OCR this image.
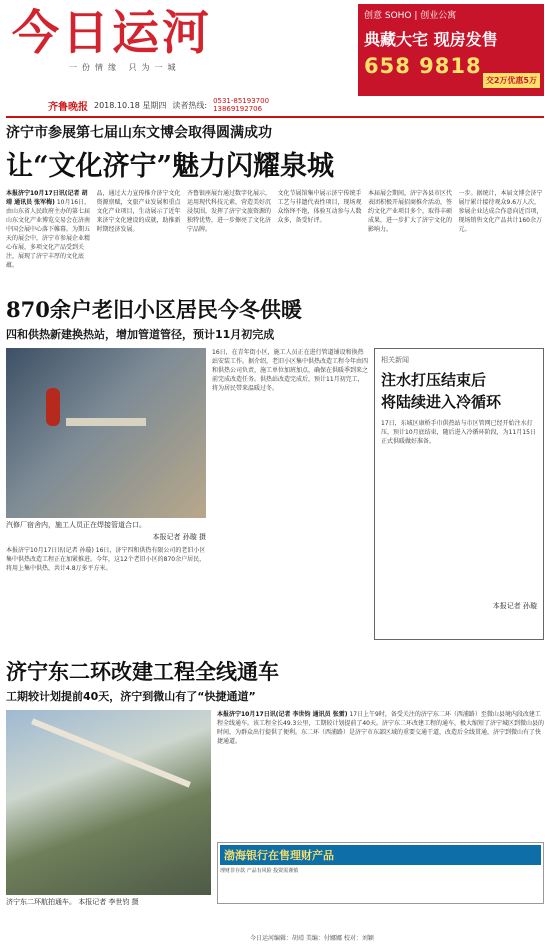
今日运河
一份情缘 只为一城
齐鲁晚报 2018.10.18 星期四 读者热线: 0531-85193700
13869192706
创意 SOHO | 创业公寓
典藏大宅 现房发售
658 9818
交2万优惠5万
济宁市参展第七届山东文博会取得圆满成功
让“文化济宁”魅力闪耀泉城
本报济宁10月17日讯(记者 胡靖 通讯员 张军梅) 10月16日，由山东省人民政府主办的第七届山东文化产业博览交易会在济南中国会展中心落下帷幕。为期五天的展会中，济宁市参展企业精心布展，多项文化产品受到关注，展现了济宁丰厚的文化底蕴。
品，通过大力宣传推介济宁文化资源禀赋，文旅产业发展和重点文化产业项目，生动展示了近年来济宁文化建设的成就，助推新时期经济发展。
齐鲁银座展台通过数字化展示，运用现代科技元素，营造美好沉浸氛围，发挥了济宁文旅资源的独特优势，进一步擦亮了文化济宁品牌。
文化节展馆集中展示济宁传统手工艺与非遗代表性项目，现场观众络绎不绝，体验互动参与人数众多，备受好评。
本届展会期间，济宁各县市区代表团积极开展招商推介活动，签约文化产业项目多个，取得丰硕成果，进一步扩大了济宁文化的影响力。
一步。据统计，本届文博会济宁展厅累计接待观众9.6万人次，参展企业达成合作意向近百项，现场销售文化产品共计160余万元。
870余户老旧小区居民今冬供暖
四和供热新建换热站，增加管道管径，预计11月初完成
汽修厂宿舍内，施工人员正在焊接管道合口。
本报记者 孙璇 摄
本报济宁10月17日讯(记者 孙璇) 16日，济宁四和供热有限公司的老旧小区集中供热改造工程正在加紧推进。今年，这12个老旧小区的870余户居民，将用上集中供热，共计4.8万多平方米。
16日，在青年街小区，施工人员正在进行管道铺设和换热站安装工作。据介绍，老旧小区集中供热改造工程今年由四和供热公司负责，施工单位加班加点，确保在供暖季到来之前完成改造任务。供热站改造完成后，预计11月初完工，将为居民带来温暖过冬。
相关新闻
注水打压结束后
将陆续进入冷循环
17日，东城区康桥手巾供热站与市区管网已经开始注水打压，预计10月底结束，随后进入冷循环阶段，为11月15日正式供暖做好准备。
本报记者 孙璇
济宁东二环改建工程全线通车
工期较计划提前40天，济宁到微山有了“快捷通道”
济宁东二环航拍通车。 本报记者 李世钧 摄
本报济宁10月17日讯(记者 李世钧 通讯员 张雷) 17日上午9时，备受关注的济宁东二环（西浦路）至微山县境内段改建工程全线通车。该工程全长49.3公里，工期较计划提前了40天。济宁东二环改建工程的通车，极大缩短了济宁城区到微山县的时间，为群众出行提供了便利。东二环（西浦路）是济宁市东部区域的重要交通干道，改造后全线贯通，济宁到微山有了快捷通道。
渤海银行在售理财产品
理财非存款 产品有风险 投资需谨慎
今日运河编辑：胡靖 美编：付娜娜 校对：刘颖
